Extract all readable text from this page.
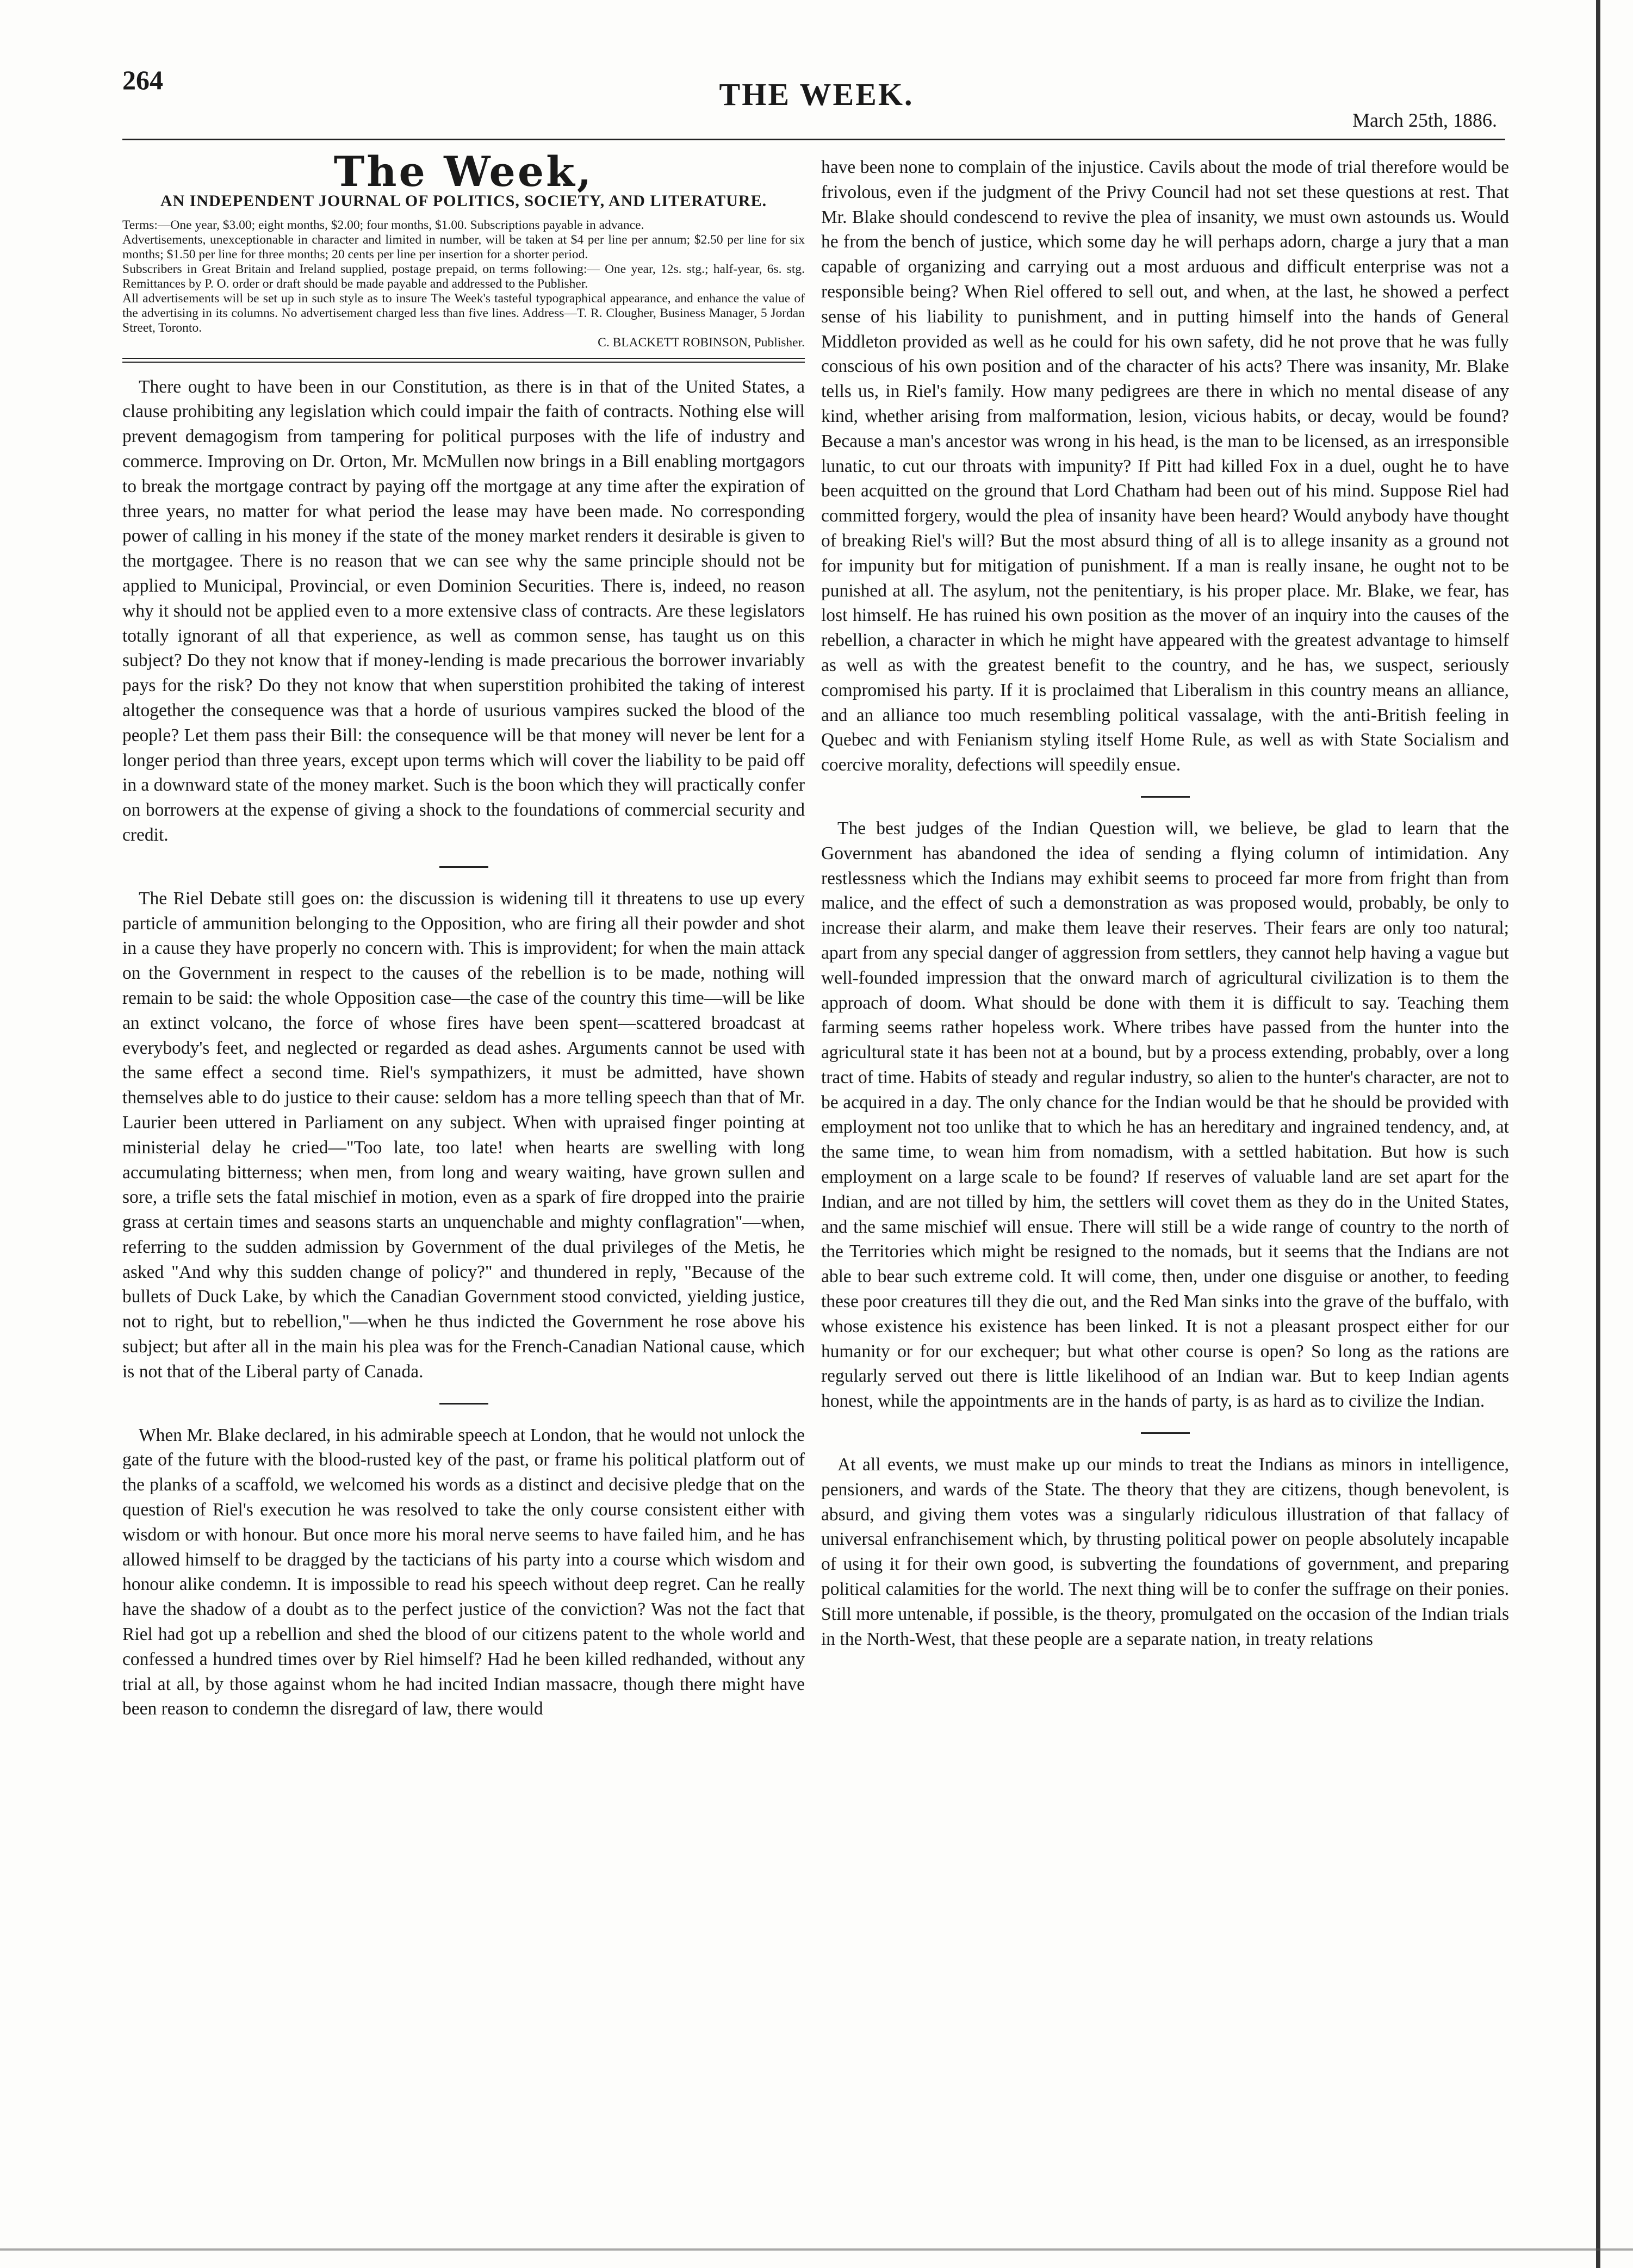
264	THE WEEK.
March 25th, 1886.
The Week,
AN INDEPENDENT JOURNAL OF POLITICS, SOCIETY, AND LITERATURE.
Terms:—One year, $3.00; eight months, $2.00; four months, $1.00. Subscriptions payable in advance.
Advertisements, unexceptionable in character and limited in number, will be taken at $4 per line per annum; $2.50 per line for six months; $1.50 per line for three months; 20 cents per line per insertion for a shorter period.
Subscribers in Great Britain and Ireland supplied, postage prepaid, on terms following:— One year, 12s. stg.; half-year, 6s. stg. Remittances by P. O. order or draft should be made payable and addressed to the Publisher.
All advertisements will be set up in such style as to insure The Week's tasteful typographical appearance, and enhance the value of the advertising in its columns. No advertisement charged less than five lines. Address—T. R. Clougher, Business Manager, 5 Jordan Street, Toronto.
C. BLACKETT ROBINSON, Publisher.

There ought to have been in our Constitution, as there is in that of the United States, a clause prohibiting any legislation which could impair the faith of contracts. Nothing else will prevent demagogism from tampering for political purposes with the life of industry and commerce. Improving on Dr. Orton, Mr. McMullen now brings in a Bill enabling mortgagors to break the mortgage contract by paying off the mortgage at any time after the expiration of three years, no matter for what period the lease may have been made. No corresponding power of calling in his money if the state of the money market renders it desirable is given to the mortgagee. There is no reason that we can see why the same principle should not be applied to Municipal, Provincial, or even Dominion Securities. There is, indeed, no reason why it should not be applied even to a more extensive class of contracts. Are these legislators totally ignorant of all that experience, as well as common sense, has taught us on this subject? Do they not know that if money-lending is made precarious the borrower invariably pays for the risk? Do they not know that when superstition prohibited the taking of interest altogether the consequence was that a horde of usurious vampires sucked the blood of the people? Let them pass their Bill: the consequence will be that money will never be lent for a longer period than three years, except upon terms which will cover the liability to be paid off in a downward state of the money market. Such is the boon which they will practically confer on borrowers at the expense of giving a shock to the foundations of commercial security and credit.

The Riel Debate still goes on: the discussion is widening till it threatens to use up every particle of ammunition belonging to the Opposition, who are firing all their powder and shot in a cause they have properly no concern with. This is improvident; for when the main attack on the Government in respect to the causes of the rebellion is to be made, nothing will remain to be said: the whole Opposition case—the case of the country this time—will be like an extinct volcano, the force of whose fires have been spent—scattered broadcast at everybody's feet, and neglected or regarded as dead ashes. Arguments cannot be used with the same effect a second time. Riel's sympathizers, it must be admitted, have shown themselves able to do justice to their cause: seldom has a more telling speech than that of Mr. Laurier been uttered in Parliament on any subject. When with upraised finger pointing at ministerial delay he cried—"Too late, too late! when hearts are swelling with long accumulating bitterness; when men, from long and weary waiting, have grown sullen and sore, a trifle sets the fatal mischief in motion, even as a spark of fire dropped into the prairie grass at certain times and seasons starts an unquenchable and mighty conflagration"—when, referring to the sudden admission by Government of the dual privileges of the Metis, he asked "And why this sudden change of policy?" and thundered in reply, "Because of the bullets of Duck Lake, by which the Canadian Government stood convicted, yielding justice, not to right, but to rebellion,"—when he thus indicted the Government he rose above his subject; but after all in the main his plea was for the French-Canadian National cause, which is not that of the Liberal party of Canada.

When Mr. Blake declared, in his admirable speech at London, that he would not unlock the gate of the future with the blood-rusted key of the past, or frame his political platform out of the planks of a scaffold, we welcomed his words as a distinct and decisive pledge that on the question of Riel's execution he was resolved to take the only course consistent either with wisdom or with honour. But once more his moral nerve seems to have failed him, and he has allowed himself to be dragged by the tacticians of his party into a course which wisdom and honour alike condemn. It is impossible to read his speech without deep regret. Can he really have the shadow of a doubt as to the perfect justice of the conviction? Was not the fact that Riel had got up a rebellion and shed the blood of our citizens patent to the whole world and confessed a hundred times over by Riel himself? Had he been killed redhanded, without any trial at all, by those against whom he had incited Indian massacre, though there might have been reason to condemn the disregard of law, there would

have been none to complain of the injustice. Cavils about the mode of trial therefore would be frivolous, even if the judgment of the Privy Council had not set these questions at rest. That Mr. Blake should condescend to revive the plea of insanity, we must own astounds us. Would he from the bench of justice, which some day he will perhaps adorn, charge a jury that a man capable of organizing and carrying out a most arduous and difficult enterprise was not a responsible being? When Riel offered to sell out, and when, at the last, he showed a perfect sense of his liability to punishment, and in putting himself into the hands of General Middleton provided as well as he could for his own safety, did he not prove that he was fully conscious of his own position and of the character of his acts? There was insanity, Mr. Blake tells us, in Riel's family. How many pedigrees are there in which no mental disease of any kind, whether arising from malformation, lesion, vicious habits, or decay, would be found? Because a man's ancestor was wrong in his head, is the man to be licensed, as an irresponsible lunatic, to cut our throats with impunity? If Pitt had killed Fox in a duel, ought he to have been acquitted on the ground that Lord Chatham had been out of his mind. Suppose Riel had committed forgery, would the plea of insanity have been heard? Would anybody have thought of breaking Riel's will? But the most absurd thing of all is to allege insanity as a ground not for impunity but for mitigation of punishment. If a man is really insane, he ought not to be punished at all. The asylum, not the penitentiary, is his proper place. Mr. Blake, we fear, has lost himself. He has ruined his own position as the mover of an inquiry into the causes of the rebellion, a character in which he might have appeared with the greatest advantage to himself as well as with the greatest benefit to the country, and he has, we suspect, seriously compromised his party. If it is proclaimed that Liberalism in this country means an alliance, and an alliance too much resembling political vassalage, with the anti-British feeling in Quebec and with Fenianism styling itself Home Rule, as well as with State Socialism and coercive morality, defections will speedily ensue.

The best judges of the Indian Question will, we believe, be glad to learn that the Government has abandoned the idea of sending a flying column of intimidation. Any restlessness which the Indians may exhibit seems to proceed far more from fright than from malice, and the effect of such a demonstration as was proposed would, probably, be only to increase their alarm, and make them leave their reserves. Their fears are only too natural; apart from any special danger of aggression from settlers, they cannot help having a vague but well-founded impression that the onward march of agricultural civilization is to them the approach of doom. What should be done with them it is difficult to say. Teaching them farming seems rather hopeless work. Where tribes have passed from the hunter into the agricultural state it has been not at a bound, but by a process extending, probably, over a long tract of time. Habits of steady and regular industry, so alien to the hunter's character, are not to be acquired in a day. The only chance for the Indian would be that he should be provided with employment not too unlike that to which he has an hereditary and ingrained tendency, and, at the same time, to wean him from nomadism, with a settled habitation. But how is such employment on a large scale to be found? If reserves of valuable land are set apart for the Indian, and are not tilled by him, the settlers will covet them as they do in the United States, and the same mischief will ensue. There will still be a wide range of country to the north of the Territories which might be resigned to the nomads, but it seems that the Indians are not able to bear such extreme cold. It will come, then, under one disguise or another, to feeding these poor creatures till they die out, and the Red Man sinks into the grave of the buffalo, with whose existence his existence has been linked. It is not a pleasant prospect either for our humanity or for our exchequer; but what other course is open? So long as the rations are regularly served out there is little likelihood of an Indian war. But to keep Indian agents honest, while the appointments are in the hands of party, is as hard as to civilize the Indian.

At all events, we must make up our minds to treat the Indians as minors in intelligence, pensioners, and wards of the State. The theory that they are citizens, though benevolent, is absurd, and giving them votes was a singularly ridiculous illustration of that fallacy of universal enfranchisement which, by thrusting political power on people absolutely incapable of using it for their own good, is subverting the foundations of government, and preparing political calamities for the world. The next thing will be to confer the suffrage on their ponies. Still more untenable, if possible, is the theory, promulgated on the occasion of the Indian trials in the North-West, that these people are a separate nation, in treaty relations
